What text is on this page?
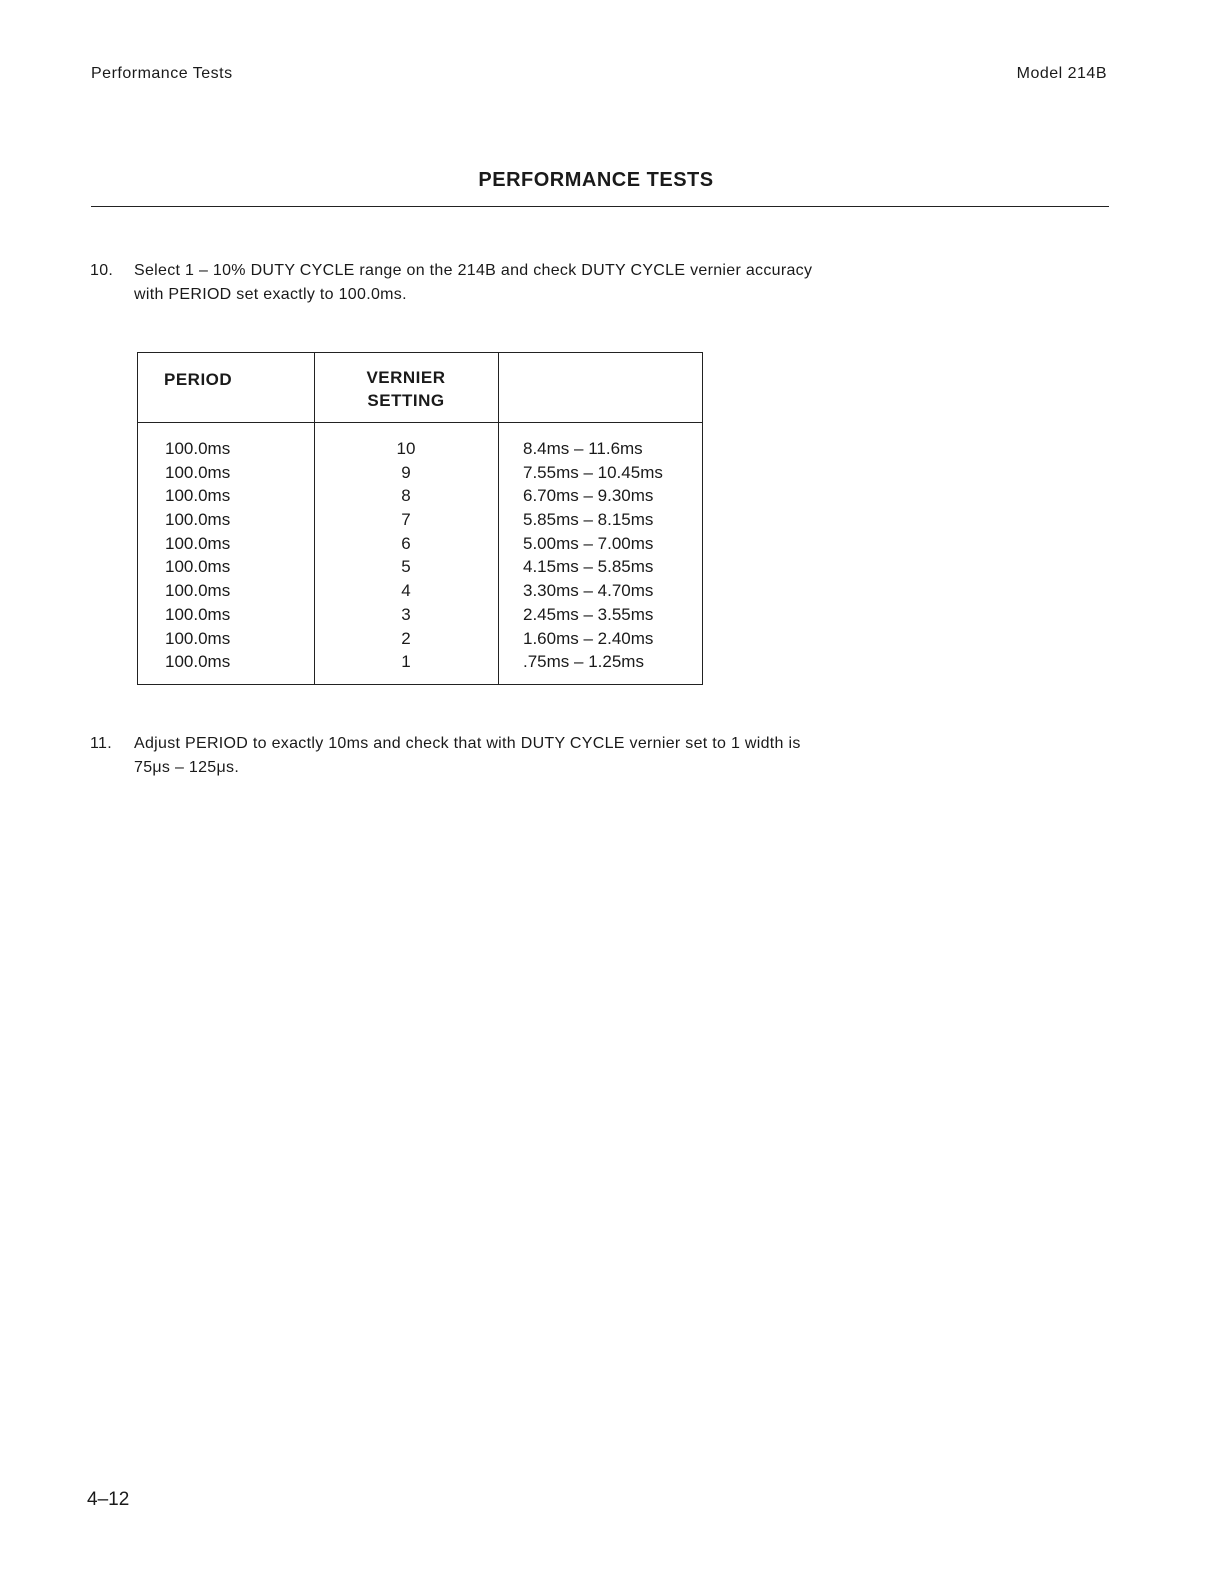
Performance Tests	Model 214B
PERFORMANCE TESTS
10. Select 1 – 10% DUTY CYCLE range on the 214B and check DUTY CYCLE vernier accuracy
with PERIOD set exactly to 100.0ms.
PERIOD	VERNIER
SETTING
100.0ms	10	8.4ms – 11.6ms
100.0ms	9	7.55ms – 10.45ms
100.0ms	8	6.70ms – 9.30ms
100.0ms	7	5.85ms – 8.15ms
100.0ms	6	5.00ms – 7.00ms
100.0ms	5	4.15ms – 5.85ms
100.0ms	4	3.30ms – 4.70ms
100.0ms	3	2.45ms – 3.55ms
100.0ms	2	1.60ms – 2.40ms
100.0ms	1	.75ms – 1.25ms
11. Adjust PERIOD to exactly 10ms and check that with DUTY CYCLE vernier set to 1 width is
75μs – 125μs.
4–12
